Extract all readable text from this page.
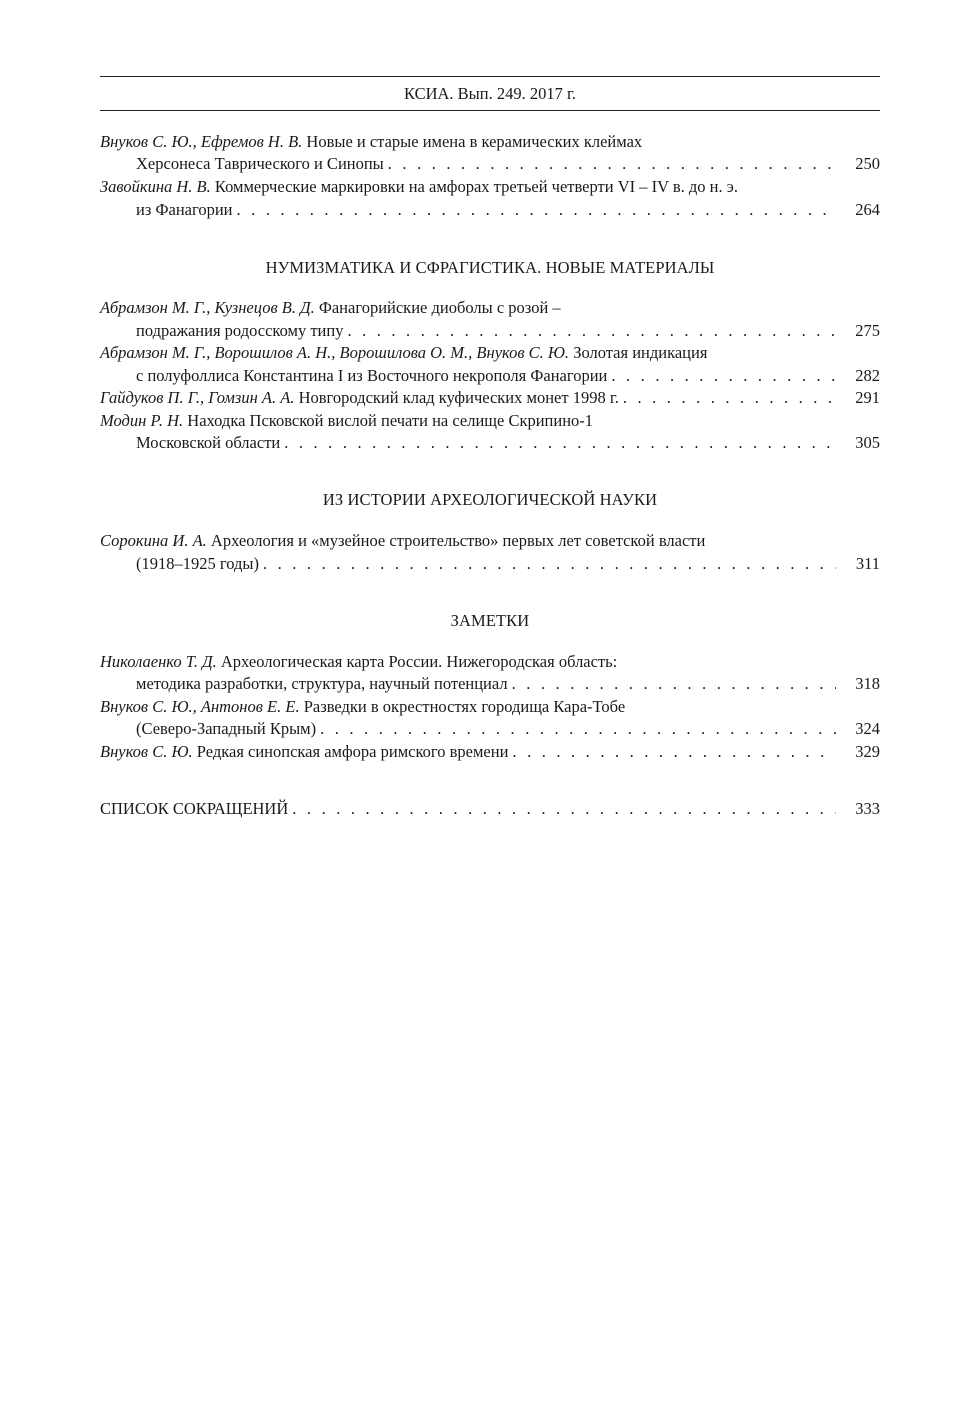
КСИА. Вып. 249. 2017 г.
Внуков С. Ю., Ефремов Н. В. Новые и старые имена в керамических клеймах
Херсонеса Таврического и Синопы . . .	250
Завойкина Н. В. Коммерческие маркировки на амфорах третьей четверти VI – IV в. до н. э.
из Фанагории . . .	264
НУМИЗМАТИКА И СФРАГИСТИКА. НОВЫЕ МАТЕРИАЛЫ
Абрамзон М. Г., Кузнецов В. Д. Фанагорийские диоболы с розой –
подражания родосскому типу . . .	275
Абрамзон М. Г., Ворошилов А. Н., Ворошилова О. М., Внуков С. Ю. Золотая индикация
с полуфоллиса Константина I из Восточного некрополя Фанагории . . .	282
Гайдуков П. Г., Гомзин А. А. Новгородский клад куфических монет 1998 г. . . .	291
Модин Р. Н. Находка Псковской вислой печати на селище Скрипино-1
Московской области . . .	305
ИЗ ИСТОРИИ АРХЕОЛОГИЧЕСКОЙ НАУКИ
Сорокина И. А. Археология и «музейное строительство» первых лет советской власти
(1918–1925 годы) . . .	311
ЗАМЕТКИ
Николаенко Т. Д. Археологическая карта России. Нижегородская область:
методика разработки, структура, научный потенциал . . .	318
Внуков С. Ю., Антонов Е. Е. Разведки в окрестностях городища Кара-Тобе
(Северо-Западный Крым) . . .	324
Внуков С. Ю. Редкая синопская амфора римского времени . . .	329
СПИСОК СОКРАЩЕНИЙ . . .	333
